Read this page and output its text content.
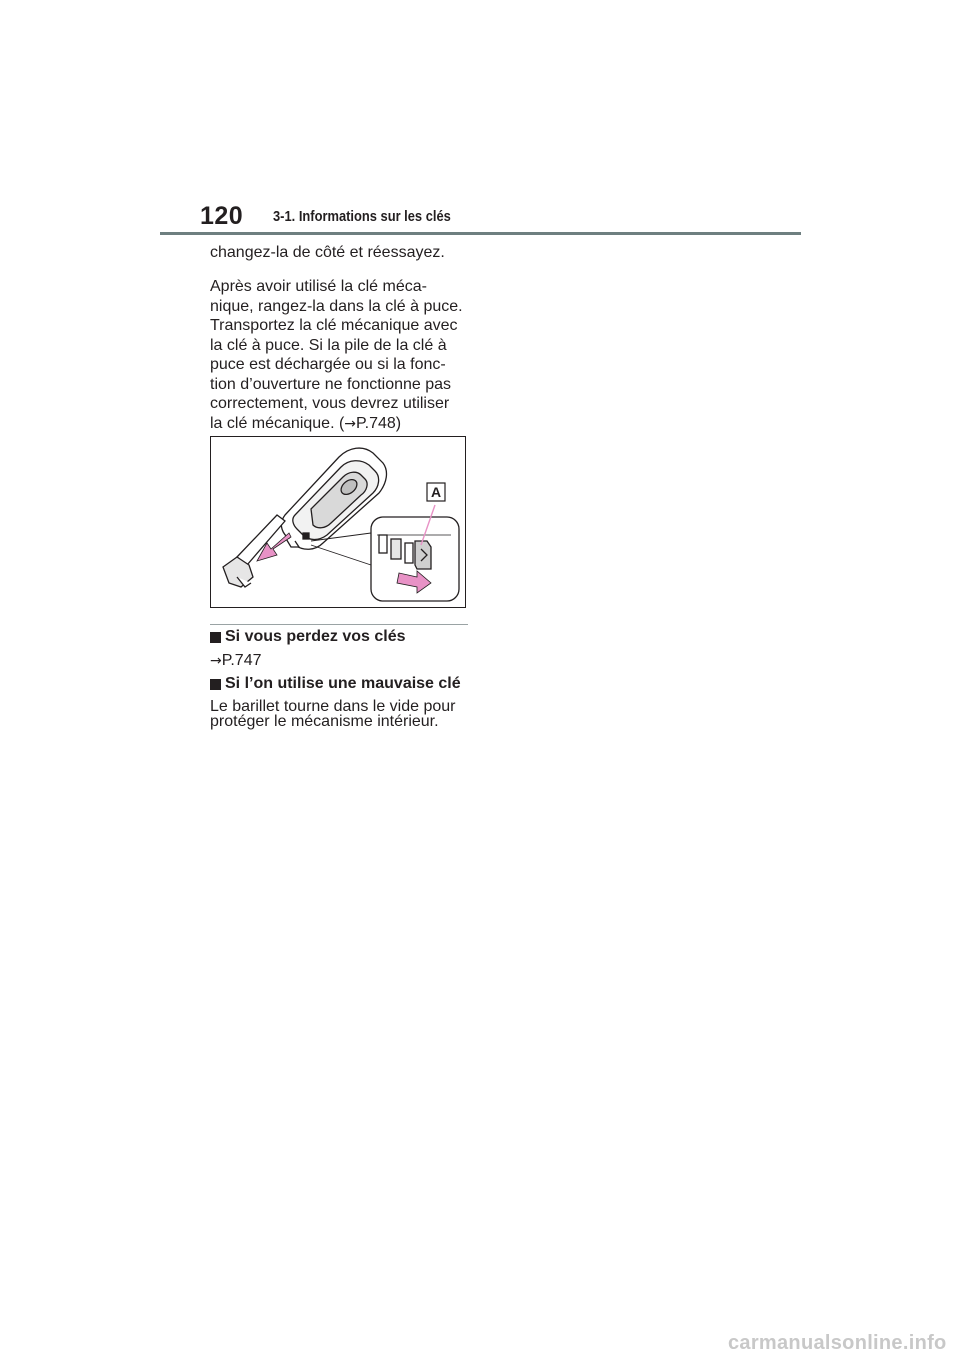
120 3-1. Informations sur les clés
changez-la de côté et réessayez.
Après avoir utilisé la clé méca-
nique, rangez-la dans la clé à puce.
Transportez la clé mécanique avec
la clé à puce. Si la pile de la clé à
puce est déchargée ou si la fonc-
tion d’ouverture ne fonctionne pas
correctement, vous devrez utiliser
la clé mécanique. (→P.748)
A
Si vous perdez vos clés
→P.747
Si l’on utilise une mauvaise clé
Le barillet tourne dans le vide pour
protéger le mécanisme intérieur.
carmanualsonline.info
